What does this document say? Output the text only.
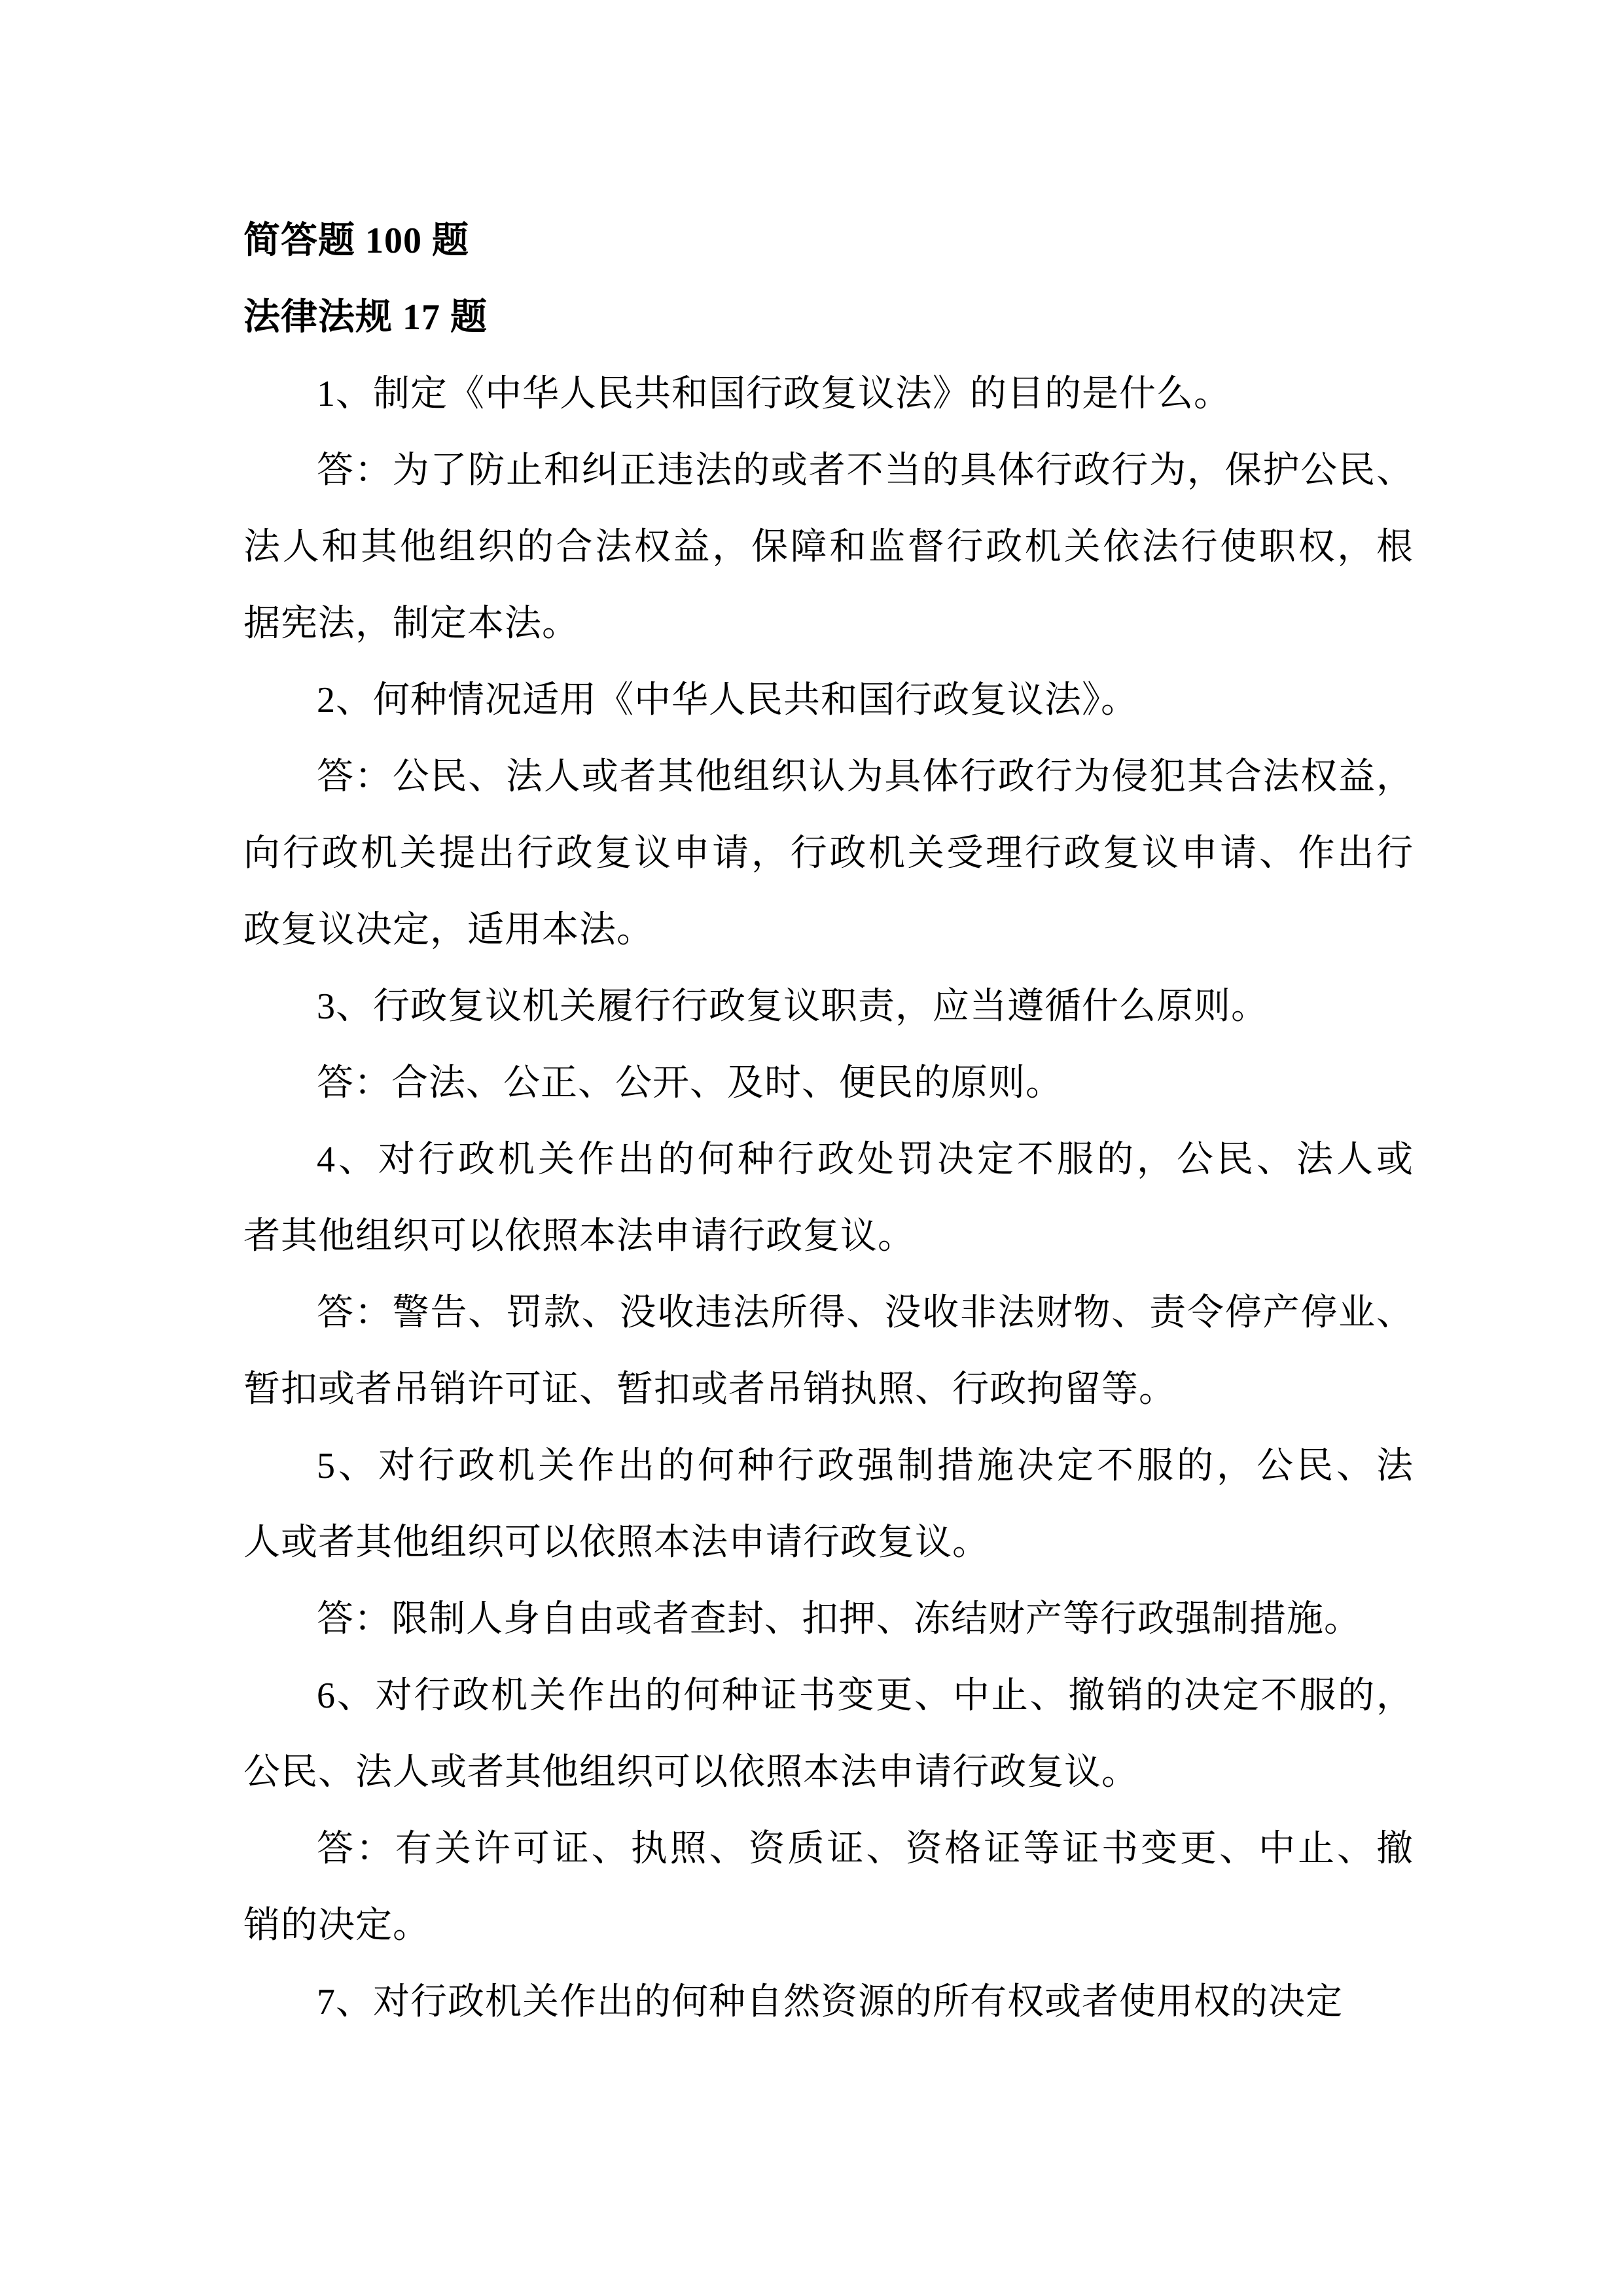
简答题 100 题
法律法规 17 题
1、制定《中华人民共和国行政复议法》的目的是什么。
答：为了防止和纠正违法的或者不当的具体行政行为，保护公民、
法人和其他组织的合法权益，保障和监督行政机关依法行使职权，根
据宪法，制定本法。
2、何种情况适用《中华人民共和国行政复议法》。
答：公民、法人或者其他组织认为具体行政行为侵犯其合法权益，
向行政机关提出行政复议申请，行政机关受理行政复议申请、作出行
政复议决定，适用本法。
3、行政复议机关履行行政复议职责，应当遵循什么原则。
答：合法、公正、公开、及时、便民的原则。
4、对行政机关作出的何种行政处罚决定不服的，公民、法人或
者其他组织可以依照本法申请行政复议。
答：警告、罚款、没收违法所得、没收非法财物、责令停产停业、
暂扣或者吊销许可证、暂扣或者吊销执照、行政拘留等。
5、对行政机关作出的何种行政强制措施决定不服的，公民、法
人或者其他组织可以依照本法申请行政复议。
答：限制人身自由或者查封、扣押、冻结财产等行政强制措施。
6、对行政机关作出的何种证书变更、中止、撤销的决定不服的，
公民、法人或者其他组织可以依照本法申请行政复议。
答：有关许可证、执照、资质证、资格证等证书变更、中止、撤
销的决定。
7、对行政机关作出的何种自然资源的所有权或者使用权的决定
